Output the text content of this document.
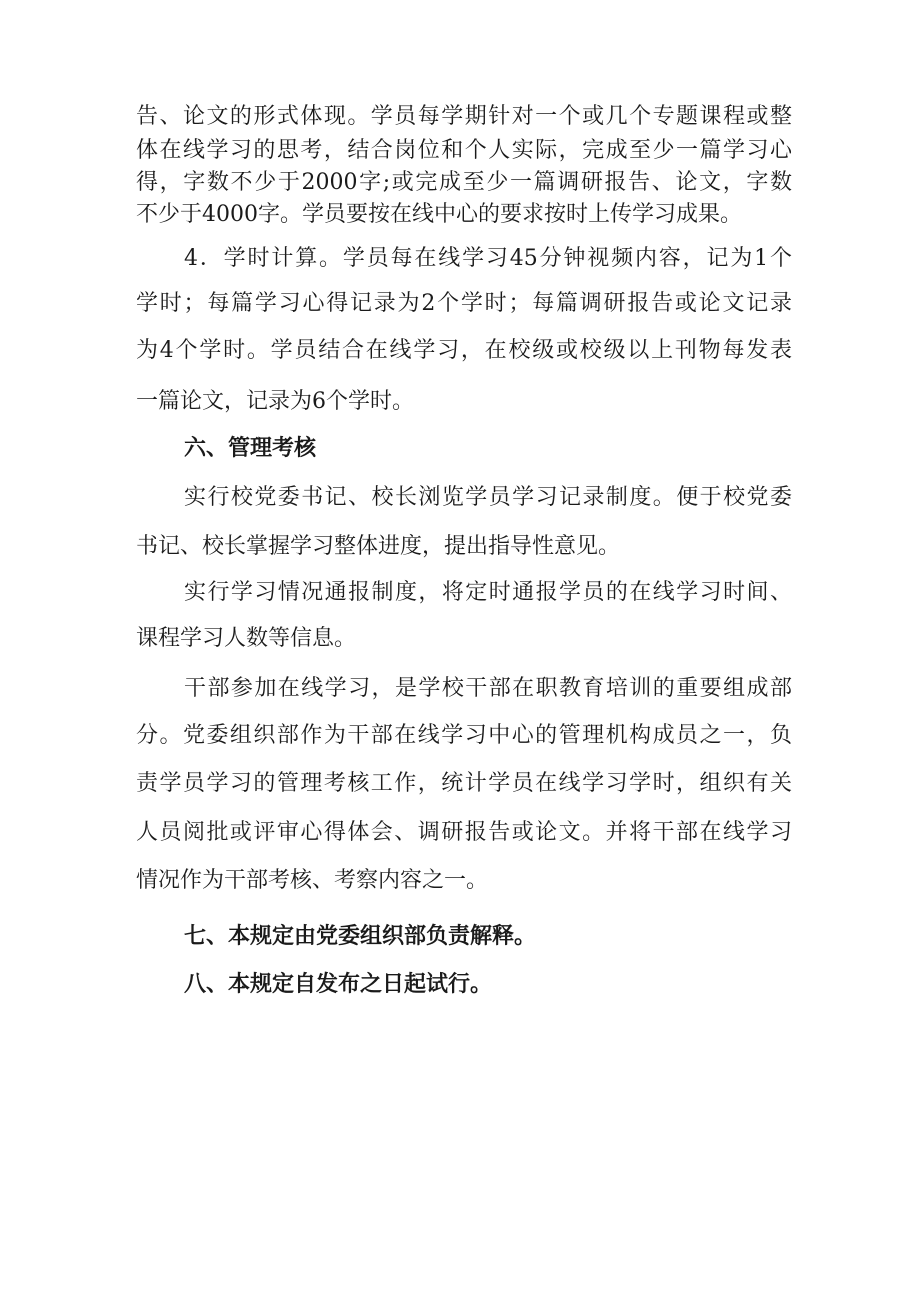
告、论文的形式体现。学员每学期针对一个或几个专题课程或整

体在线学习的思考，结合岗位和个人实际，完成至少一篇学习心

得，字数不少于2000字;或完成至少一篇调研报告、论文，字数

不少于4000字。学员要按在线中心的要求按时上传学习成果。

4．学时计算。学员每在线学习45分钟视频内容，记为1个

学时；每篇学习心得记录为2个学时；每篇调研报告或论文记录

为4个学时。学员结合在线学习，在校级或校级以上刊物每发表

一篇论文，记录为6个学时。

六、管理考核

实行校党委书记、校长浏览学员学习记录制度。便于校党委

书记、校长掌握学习整体进度，提出指导性意见。

实行学习情况通报制度，将定时通报学员的在线学习时间、

课程学习人数等信息。

干部参加在线学习，是学校干部在职教育培训的重要组成部

分。党委组织部作为干部在线学习中心的管理机构成员之一，负

责学员学习的管理考核工作，统计学员在线学习学时，组织有关

人员阅批或评审心得体会、调研报告或论文。并将干部在线学习

情况作为干部考核、考察内容之一。

七、本规定由党委组织部负责解释。
八、本规定自发布之日起试行。
